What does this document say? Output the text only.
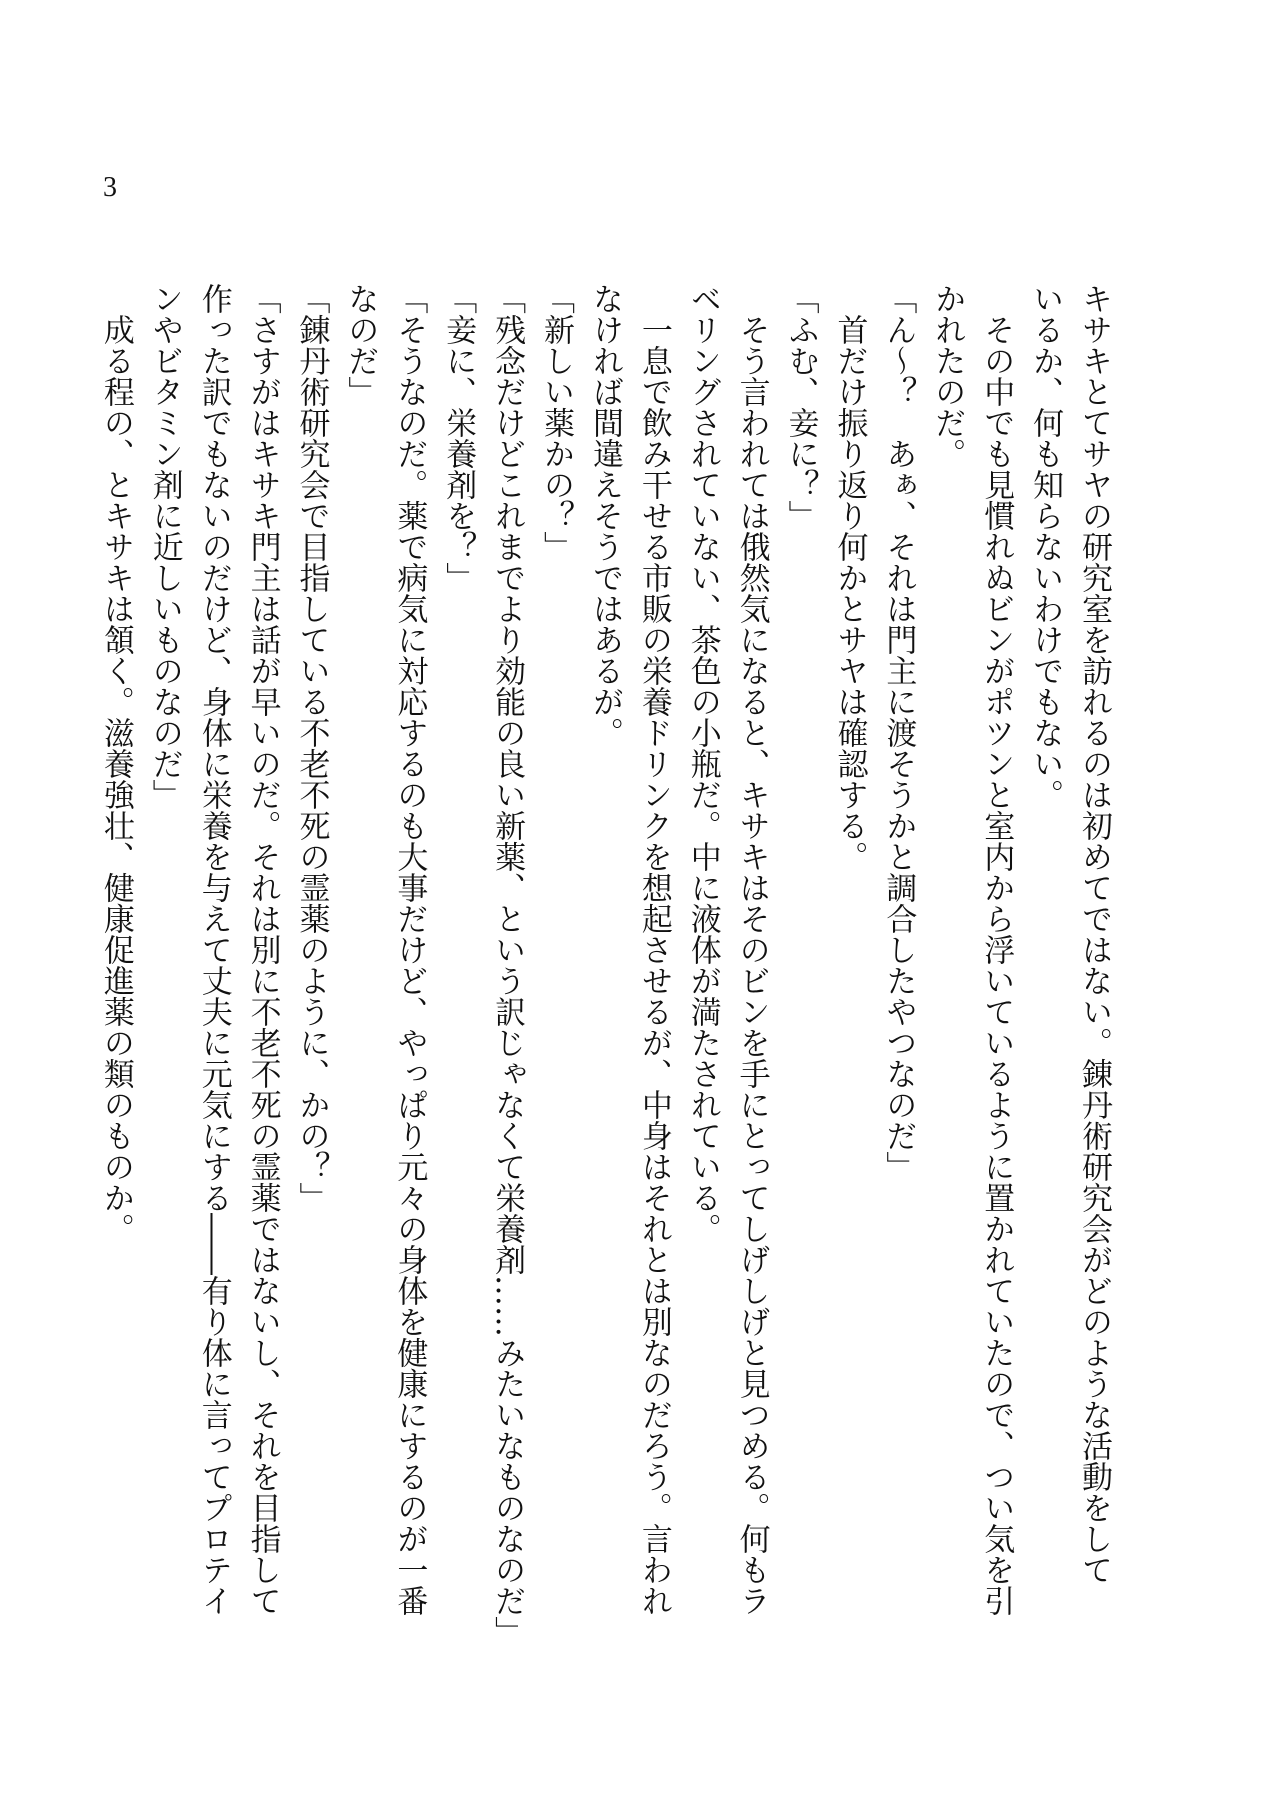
3
キサキとてサヤの研究室を訪れるのは初めてではない。錬丹術研究会がどのような活動をして
いるか、何も知らないわけでもない。
　その中でも見慣れぬビンがポツンと室内から浮いているように置かれていたので、つい気を引
かれたのだ。
「ん〜？　あぁ、それは門主に渡そうかと調合したやつなのだ」
　首だけ振り返り何かとサヤは確認する。
「ふむ、妾に？」
　そう言われては俄然気になると、キサキはそのビンを手にとってしげしげと見つめる。何もラ
ベリングされていない、茶色の小瓶だ。中に液体が満たされている。
　一息で飲み干せる市販の栄養ドリンクを想起させるが、中身はそれとは別なのだろう。言われ
なければ間違えそうではあるが。
「新しい薬かの？」
「残念だけどこれまでより効能の良い新薬、という訳じゃなくて栄養剤……みたいなものなのだ」
「妾に、栄養剤を？」
「そうなのだ。薬で病気に対応するのも大事だけど、やっぱり元々の身体を健康にするのが一番
なのだ」
「錬丹術研究会で目指している不老不死の霊薬のように、かの？」
「さすがはキサキ門主は話が早いのだ。それは別に不老不死の霊薬ではないし、それを目指して
作った訳でもないのだけど、身体に栄養を与えて丈夫に元気にする――有り体に言ってプロテイ
ンやビタミン剤に近しいものなのだ」
　成る程の、とキサキは頷く。滋養強壮、健康促進薬の類のものか。
